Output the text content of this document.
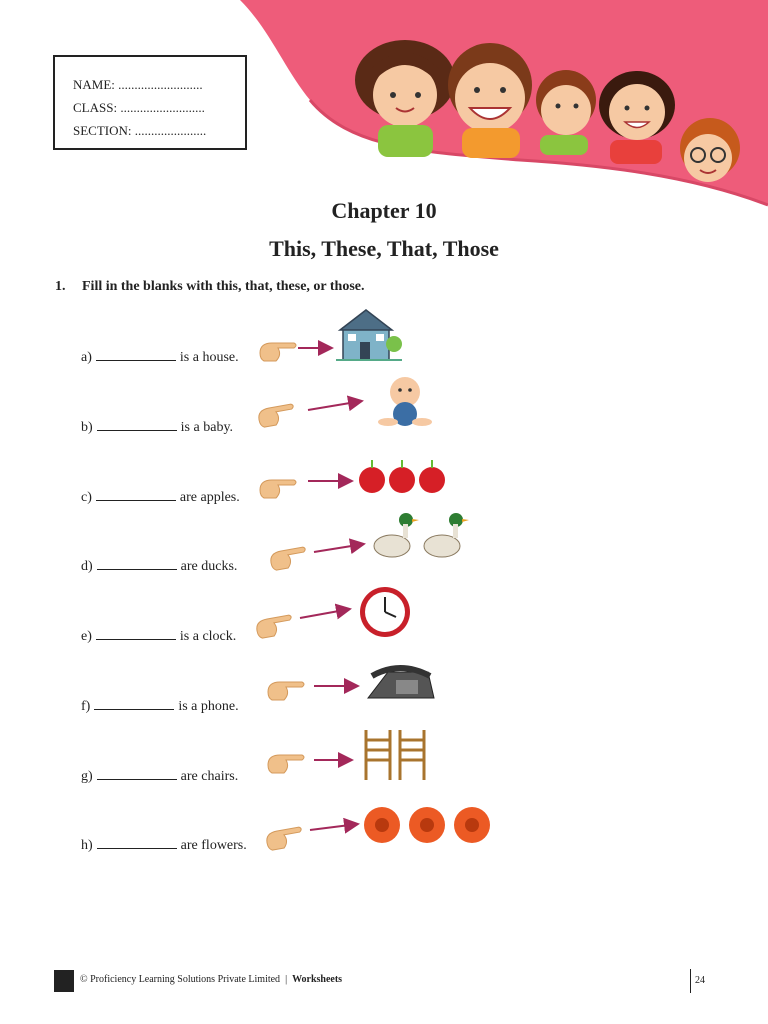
NAME: ..........................
CLASS: ..........................
SECTION: ......................
Chapter 10
This, These, That, Those
1. Fill in the blanks with this, that, these, or those.
a)	is a house.
b)	is a baby.
c)	are apples.
d)	are ducks.
e)	is a clock.
f)	is a phone.
g)	are chairs.
h)	are flowers.
© Proficiency Learning Solutions Private Limited | Worksheets	24
